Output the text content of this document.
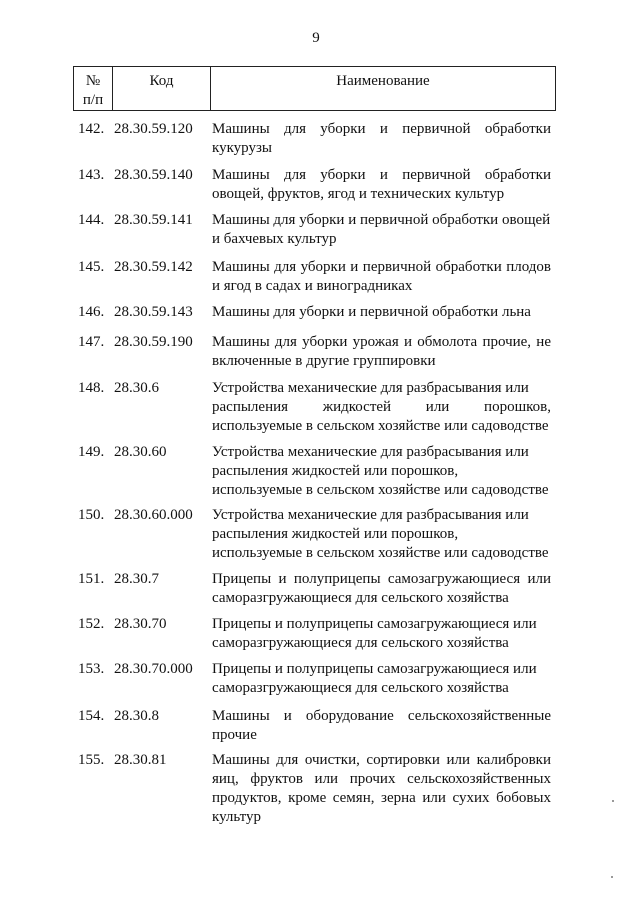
9
№
п/п
Код	Наименование
142. 28.30.59.120	Машины для уборки и первичной обработки
кукурузы
143. 28.30.59.140	Машины для уборки и первичной обработки
овощей, фруктов, ягод и технических культур
144. 28.30.59.141	Машины для уборки и первичной обработки овощей
и бахчевых культур
145. 28.30.59.142	Машины для уборки и первичной обработки плодов
и ягод в садах и виноградниках
146. 28.30.59.143	Машины для уборки и первичной обработки льна
147. 28.30.59.190	Машины для уборки урожая и обмолота прочие, не
включенные в другие группировки
148. 28.30.6	Устройства механические для разбрасывания или
распыления жидкостей или порошков,
используемые в сельском хозяйстве или садоводстве
149. 28.30.60	Устройства механические для разбрасывания или
распыления жидкостей или порошков,
используемые в сельском хозяйстве или садоводстве
150. 28.30.60.000	Устройства механические для разбрасывания или
распыления жидкостей или порошков,
используемые в сельском хозяйстве или садоводстве
151. 28.30.7	Прицепы и полуприцепы самозагружающиеся или
саморазгружающиеся для сельского хозяйства
152. 28.30.70	Прицепы и полуприцепы самозагружающиеся или
саморазгружающиеся для сельского хозяйства
153. 28.30.70.000	Прицепы и полуприцепы самозагружающиеся или
саморазгружающиеся для сельского хозяйства
154. 28.30.8	Машины и оборудование сельскохозяйственные
прочие
155. 28.30.81	Машины для очистки, сортировки или калибровки
яиц, фруктов или прочих сельскохозяйственных
продуктов, кроме семян, зерна или сухих бобовых
культур
